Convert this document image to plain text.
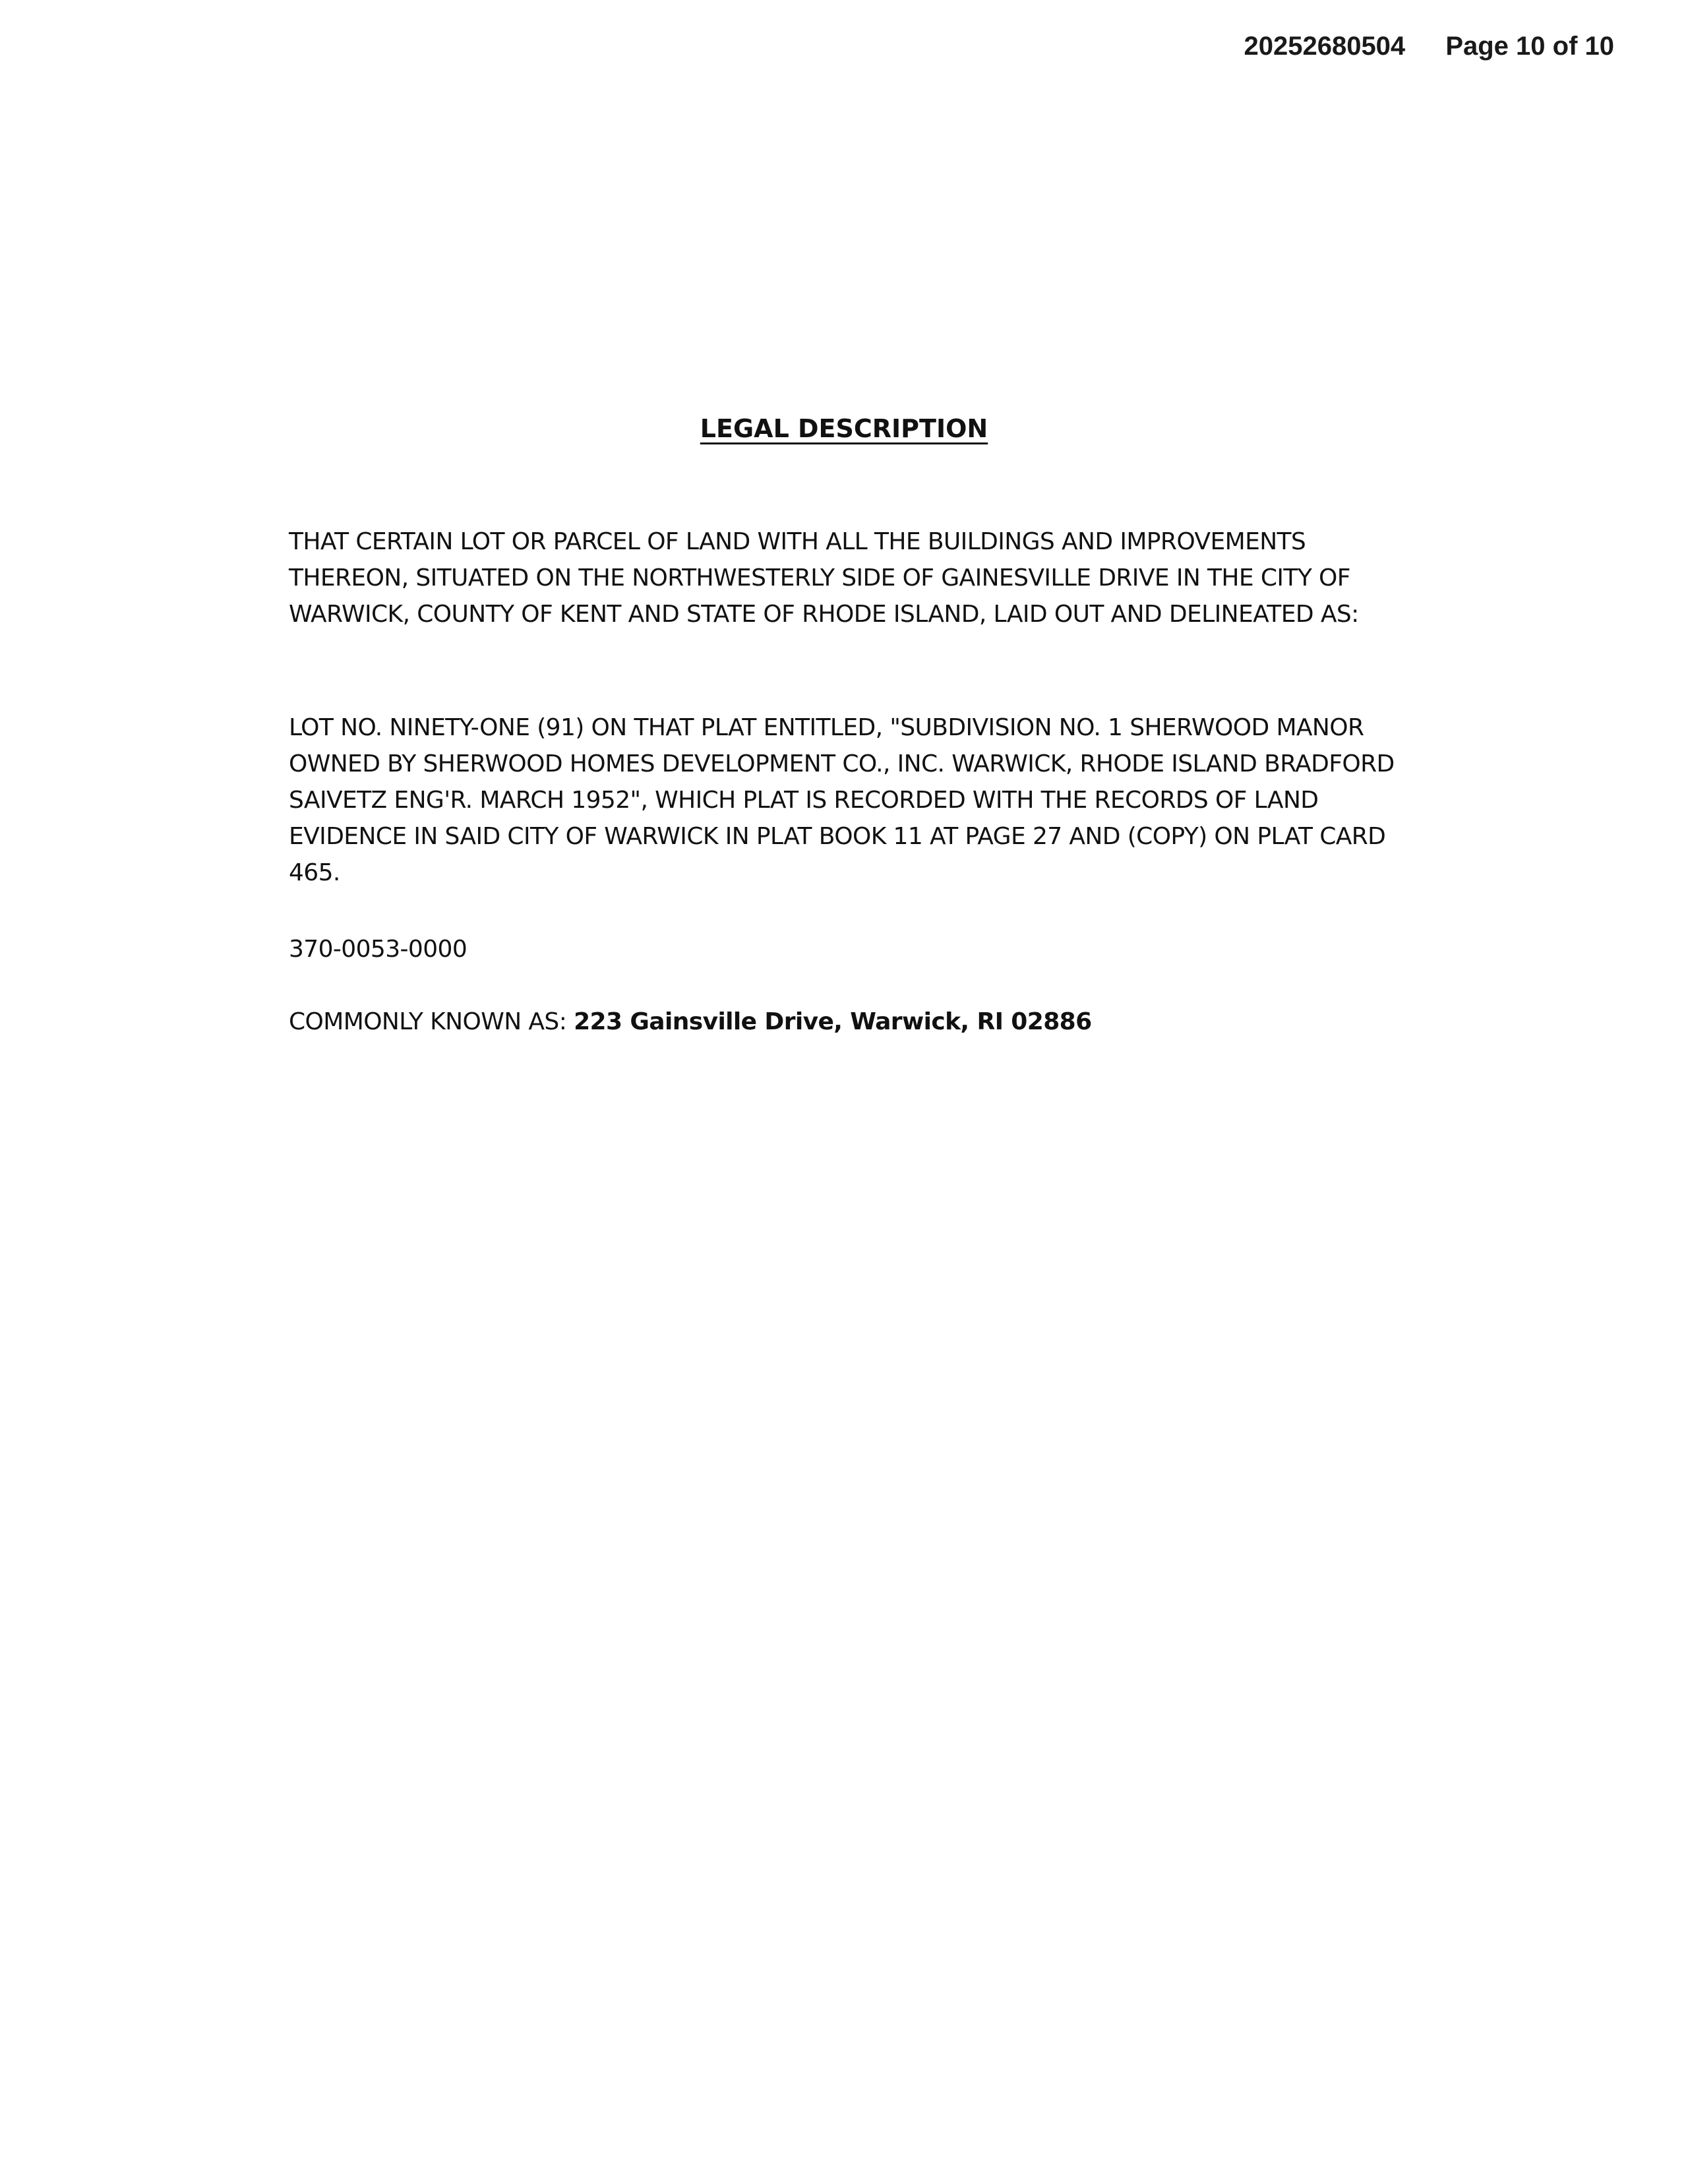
20252680504 Page 10 of 10
LEGAL DESCRIPTION

THAT CERTAIN LOT OR PARCEL OF LAND WITH ALL THE BUILDINGS AND IMPROVEMENTS THEREON, SITUATED ON THE NORTHWESTERLY SIDE OF GAINESVILLE DRIVE IN THE CITY OF WARWICK, COUNTY OF KENT AND STATE OF RHODE ISLAND, LAID OUT AND DELINEATED AS:

LOT NO. NINETY-ONE (91) ON THAT PLAT ENTITLED, "SUBDIVISION NO. 1 SHERWOOD MANOR OWNED BY SHERWOOD HOMES DEVELOPMENT CO., INC. WARWICK, RHODE ISLAND BRADFORD SAIVETZ ENG'R. MARCH 1952", WHICH PLAT IS RECORDED WITH THE RECORDS OF LAND EVIDENCE IN SAID CITY OF WARWICK IN PLAT BOOK 11 AT PAGE 27 AND (COPY) ON PLAT CARD 465.

370-0053-0000

COMMONLY KNOWN AS: 223 Gainsville Drive, Warwick, RI 02886
